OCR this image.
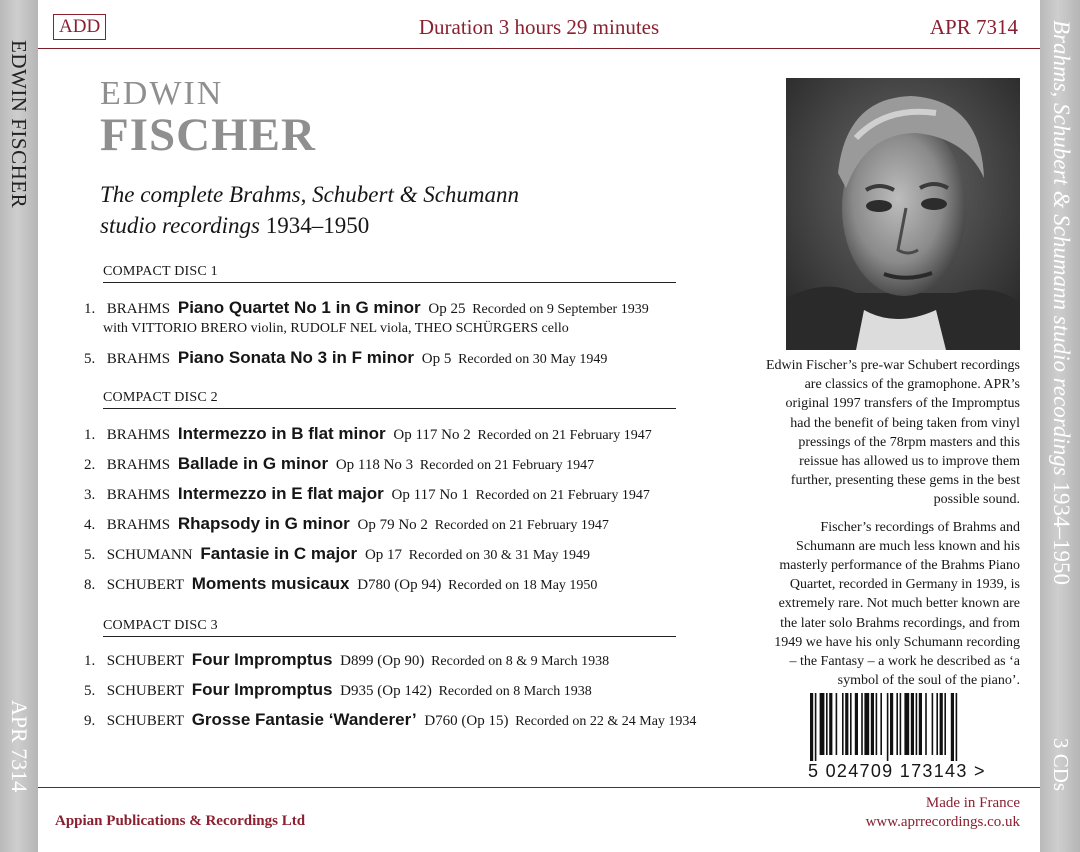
EDWIN FISCHER
APR 7314
Brahms, Schubert & Schumann studio recordings 1934–1950
3 CDs
ADD	Duration 3 hours 29 minutes	APR 7314
EDWIN
FISCHER
The complete Brahms, Schubert & Schumann
studio recordings 1934–1950
COMPACT DISC 1
1. BRAHMS Piano Quartet No 1 in G minor Op 25 Recorded on 9 September 1939
with VITTORIO BRERO violin, RUDOLF NEL viola, THEO SCHÜRGERS cello
5. BRAHMS Piano Sonata No 3 in F minor Op 5 Recorded on 30 May 1949
COMPACT DISC 2
1. BRAHMS Intermezzo in B flat minor Op 117 No 2 Recorded on 21 February 1947
2. BRAHMS Ballade in G minor Op 118 No 3 Recorded on 21 February 1947
3. BRAHMS Intermezzo in E flat major Op 117 No 1 Recorded on 21 February 1947
4. BRAHMS Rhapsody in G minor Op 79 No 2 Recorded on 21 February 1947
5. SCHUMANN Fantasie in C major Op 17 Recorded on 30 & 31 May 1949
8. SCHUBERT Moments musicaux D780 (Op 94) Recorded on 18 May 1950
COMPACT DISC 3
1. SCHUBERT Four Impromptus D899 (Op 90) Recorded on 8 & 9 March 1938
5. SCHUBERT Four Impromptus D935 (Op 142) Recorded on 8 March 1938
9. SCHUBERT Grosse Fantasie ‘Wanderer’ D760 (Op 15) Recorded on 22 & 24 May 1934

Edwin Fischer’s pre-war Schubert recordings are classics of the gramophone. APR’s original 1997 transfers of the Impromptus had the benefit of being taken from vinyl pressings of the 78rpm masters and this reissue has allowed us to improve them further, presenting these gems in the best possible sound.

Fischer’s recordings of Brahms and Schumann are much less known and his masterly performance of the Brahms Piano Quartet, recorded in Germany in 1939, is extremely rare. Not much better known are the later solo Brahms recordings, and from 1949 we have his only Schumann recording – the Fantasy – a work he described as ‘a symbol of the soul of the piano’.

5 024709 173143 >
Appian Publications & Recordings Ltd
Made in France
www.aprrecordings.co.uk
